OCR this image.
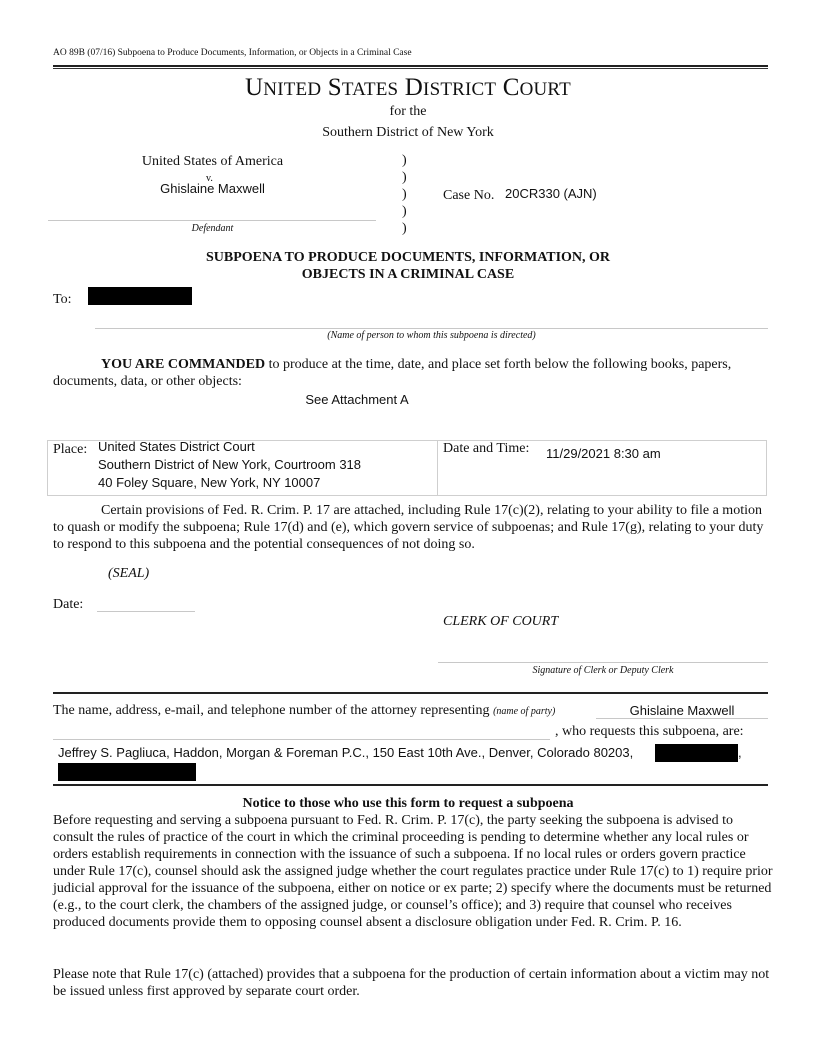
AO 89B (07/16) Subpoena to Produce Documents, Information, or Objects in a Criminal Case
UNITED STATES DISTRICT COURT
for the
Southern District of New York
United States of America
v.
Ghislaine Maxwell
Defendant
)
)
)
)
)
Case No. 20CR330 (AJN)
SUBPOENA TO PRODUCE DOCUMENTS, INFORMATION, OR
OBJECTS IN A CRIMINAL CASE
To:
(Name of person to whom this subpoena is directed)
YOU ARE COMMANDED to produce at the time, date, and place set forth below the following books, papers, documents, data, or other objects:
See Attachment A
Place: United States District Court
Southern District of New York, Courtroom 318
40 Foley Square, New York, NY 10007
Date and Time: 11/29/2021 8:30 am
Certain provisions of Fed. R. Crim. P. 17 are attached, including Rule 17(c)(2), relating to your ability to file a motion to quash or modify the subpoena; Rule 17(d) and (e), which govern service of subpoenas; and Rule 17(g), relating to your duty to respond to this subpoena and the potential consequences of not doing so.
(SEAL)
Date:
CLERK OF COURT
Signature of Clerk or Deputy Clerk
The name, address, e-mail, and telephone number of the attorney representing (name of party)	Ghislaine Maxwell
, who requests this subpoena, are:
Jeffrey S. Pagliuca, Haddon, Morgan & Foreman P.C., 150 East 10th Ave., Denver, Colorado 80203,	,
Notice to those who use this form to request a subpoena
Before requesting and serving a subpoena pursuant to Fed. R. Crim. P. 17(c), the party seeking the subpoena is advised to consult the rules of practice of the court in which the criminal proceeding is pending to determine whether any local rules or orders establish requirements in connection with the issuance of such a subpoena. If no local rules or orders govern practice under Rule 17(c), counsel should ask the assigned judge whether the court regulates practice under Rule 17(c) to 1) require prior judicial approval for the issuance of the subpoena, either on notice or ex parte; 2) specify where the documents must be returned (e.g., to the court clerk, the chambers of the assigned judge, or counsel’s office); and 3) require that counsel who receives produced documents provide them to opposing counsel absent a disclosure obligation under Fed. R. Crim. P. 16.
Please note that Rule 17(c) (attached) provides that a subpoena for the production of certain information about a victim may not be issued unless first approved by separate court order.
